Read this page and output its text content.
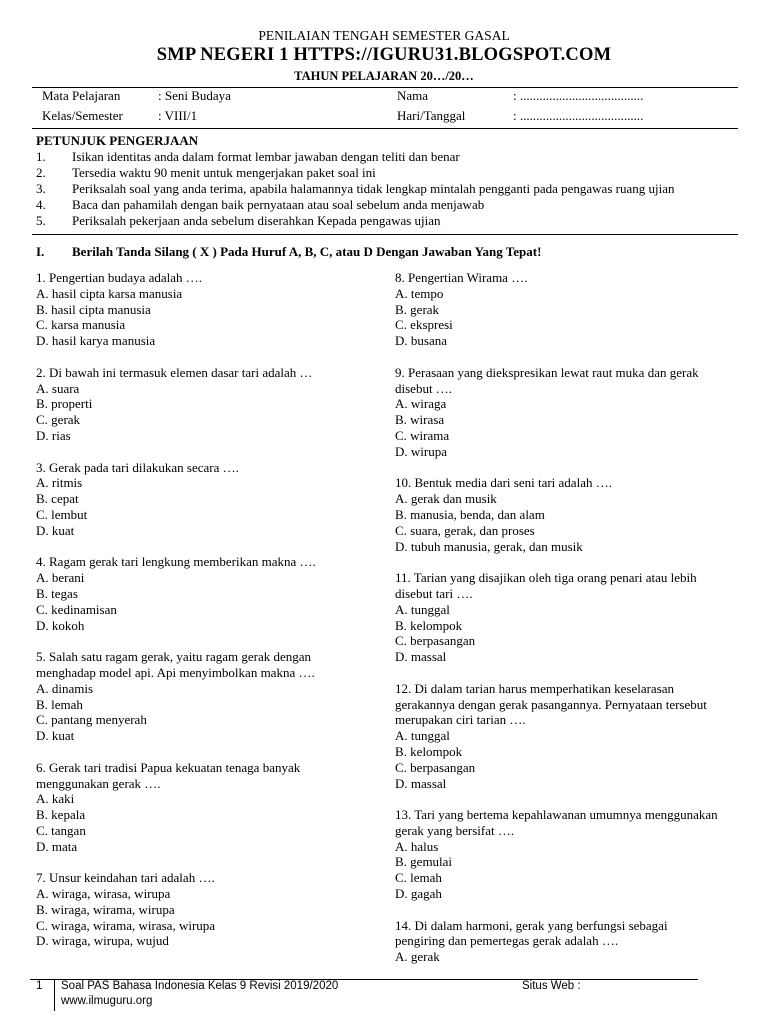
PENILAIAN TENGAH SEMESTER GASAL
SMP NEGERI 1 HTTPS://IGURU31.BLOGSPOT.COM
TAHUN PELAJARAN 20…/20…
Mata Pelajaran	: Seni Budaya	Nama	: ......................................
Kelas/Semester	: VIII/1	Hari/Tanggal	: ......................................
PETUNJUK PENGERJAAN
1. Isikan identitas anda dalam format lembar jawaban dengan teliti dan benar
2. Tersedia waktu 90 menit untuk mengerjakan paket soal ini
3. Periksalah soal yang anda terima, apabila halamannya tidak lengkap mintalah pengganti pada pengawas ruang ujian
4. Baca dan pahamilah dengan baik pernyataan atau soal sebelum anda menjawab
5. Periksalah pekerjaan anda sebelum diserahkan Kepada pengawas ujian
I. Berilah Tanda Silang ( X ) Pada Huruf A, B, C, atau D Dengan Jawaban Yang Tepat!
1. Pengertian budaya adalah ….
A. hasil cipta karsa manusia
B. hasil cipta manusia
C. karsa manusia
D. hasil karya manusia
2. Di bawah ini termasuk elemen dasar tari adalah …
A. suara
B. properti
C. gerak
D. rias
3. Gerak pada tari dilakukan secara ….
A. ritmis
B. cepat
C. lembut
D. kuat
4. Ragam gerak tari lengkung memberikan makna ….
A. berani
B. tegas
C. kedinamisan
D. kokoh
5. Salah satu ragam gerak, yaitu ragam gerak dengan
menghadap model api. Api menyimbolkan makna ….
A. dinamis
B. lemah
C. pantang menyerah
D. kuat
6. Gerak tari tradisi Papua kekuatan tenaga banyak
menggunakan gerak ….
A. kaki
B. kepala
C. tangan
D. mata
7. Unsur keindahan tari adalah ….
A. wiraga, wirasa, wirupa
B. wiraga, wirama, wirupa
C. wiraga, wirama, wirasa, wirupa
D. wiraga, wirupa, wujud
8. Pengertian Wirama ….
A. tempo
B. gerak
C. ekspresi
D. busana
9. Perasaan yang diekspresikan lewat raut muka dan gerak
disebut ….
A. wiraga
B. wirasa
C. wirama
D. wirupa
10. Bentuk media dari seni tari adalah ….
A. gerak dan musik
B. manusia, benda, dan alam
C. suara, gerak, dan proses
D. tubuh manusia, gerak, dan musik
11. Tarian yang disajikan oleh tiga orang penari atau lebih
disebut tari ….
A. tunggal
B. kelompok
C. berpasangan
D. massal
12. Di dalam tarian harus memperhatikan keselarasan
gerakannya dengan gerak pasangannya. Pernyataan tersebut
merupakan ciri tarian ….
A. tunggal
B. kelompok
C. berpasangan
D. massal
13. Tari yang bertema kepahlawanan umumnya menggunakan
gerak yang bersifat ….
A. halus
B. gemulai
C. lemah
D. gagah
14. Di dalam harmoni, gerak yang berfungsi sebagai
pengiring dan pemertegas gerak adalah ….
A. gerak
1 Soal PAS Bahasa Indonesia Kelas 9 Revisi 2019/2020	Situs Web :
www.ilmuguru.org
